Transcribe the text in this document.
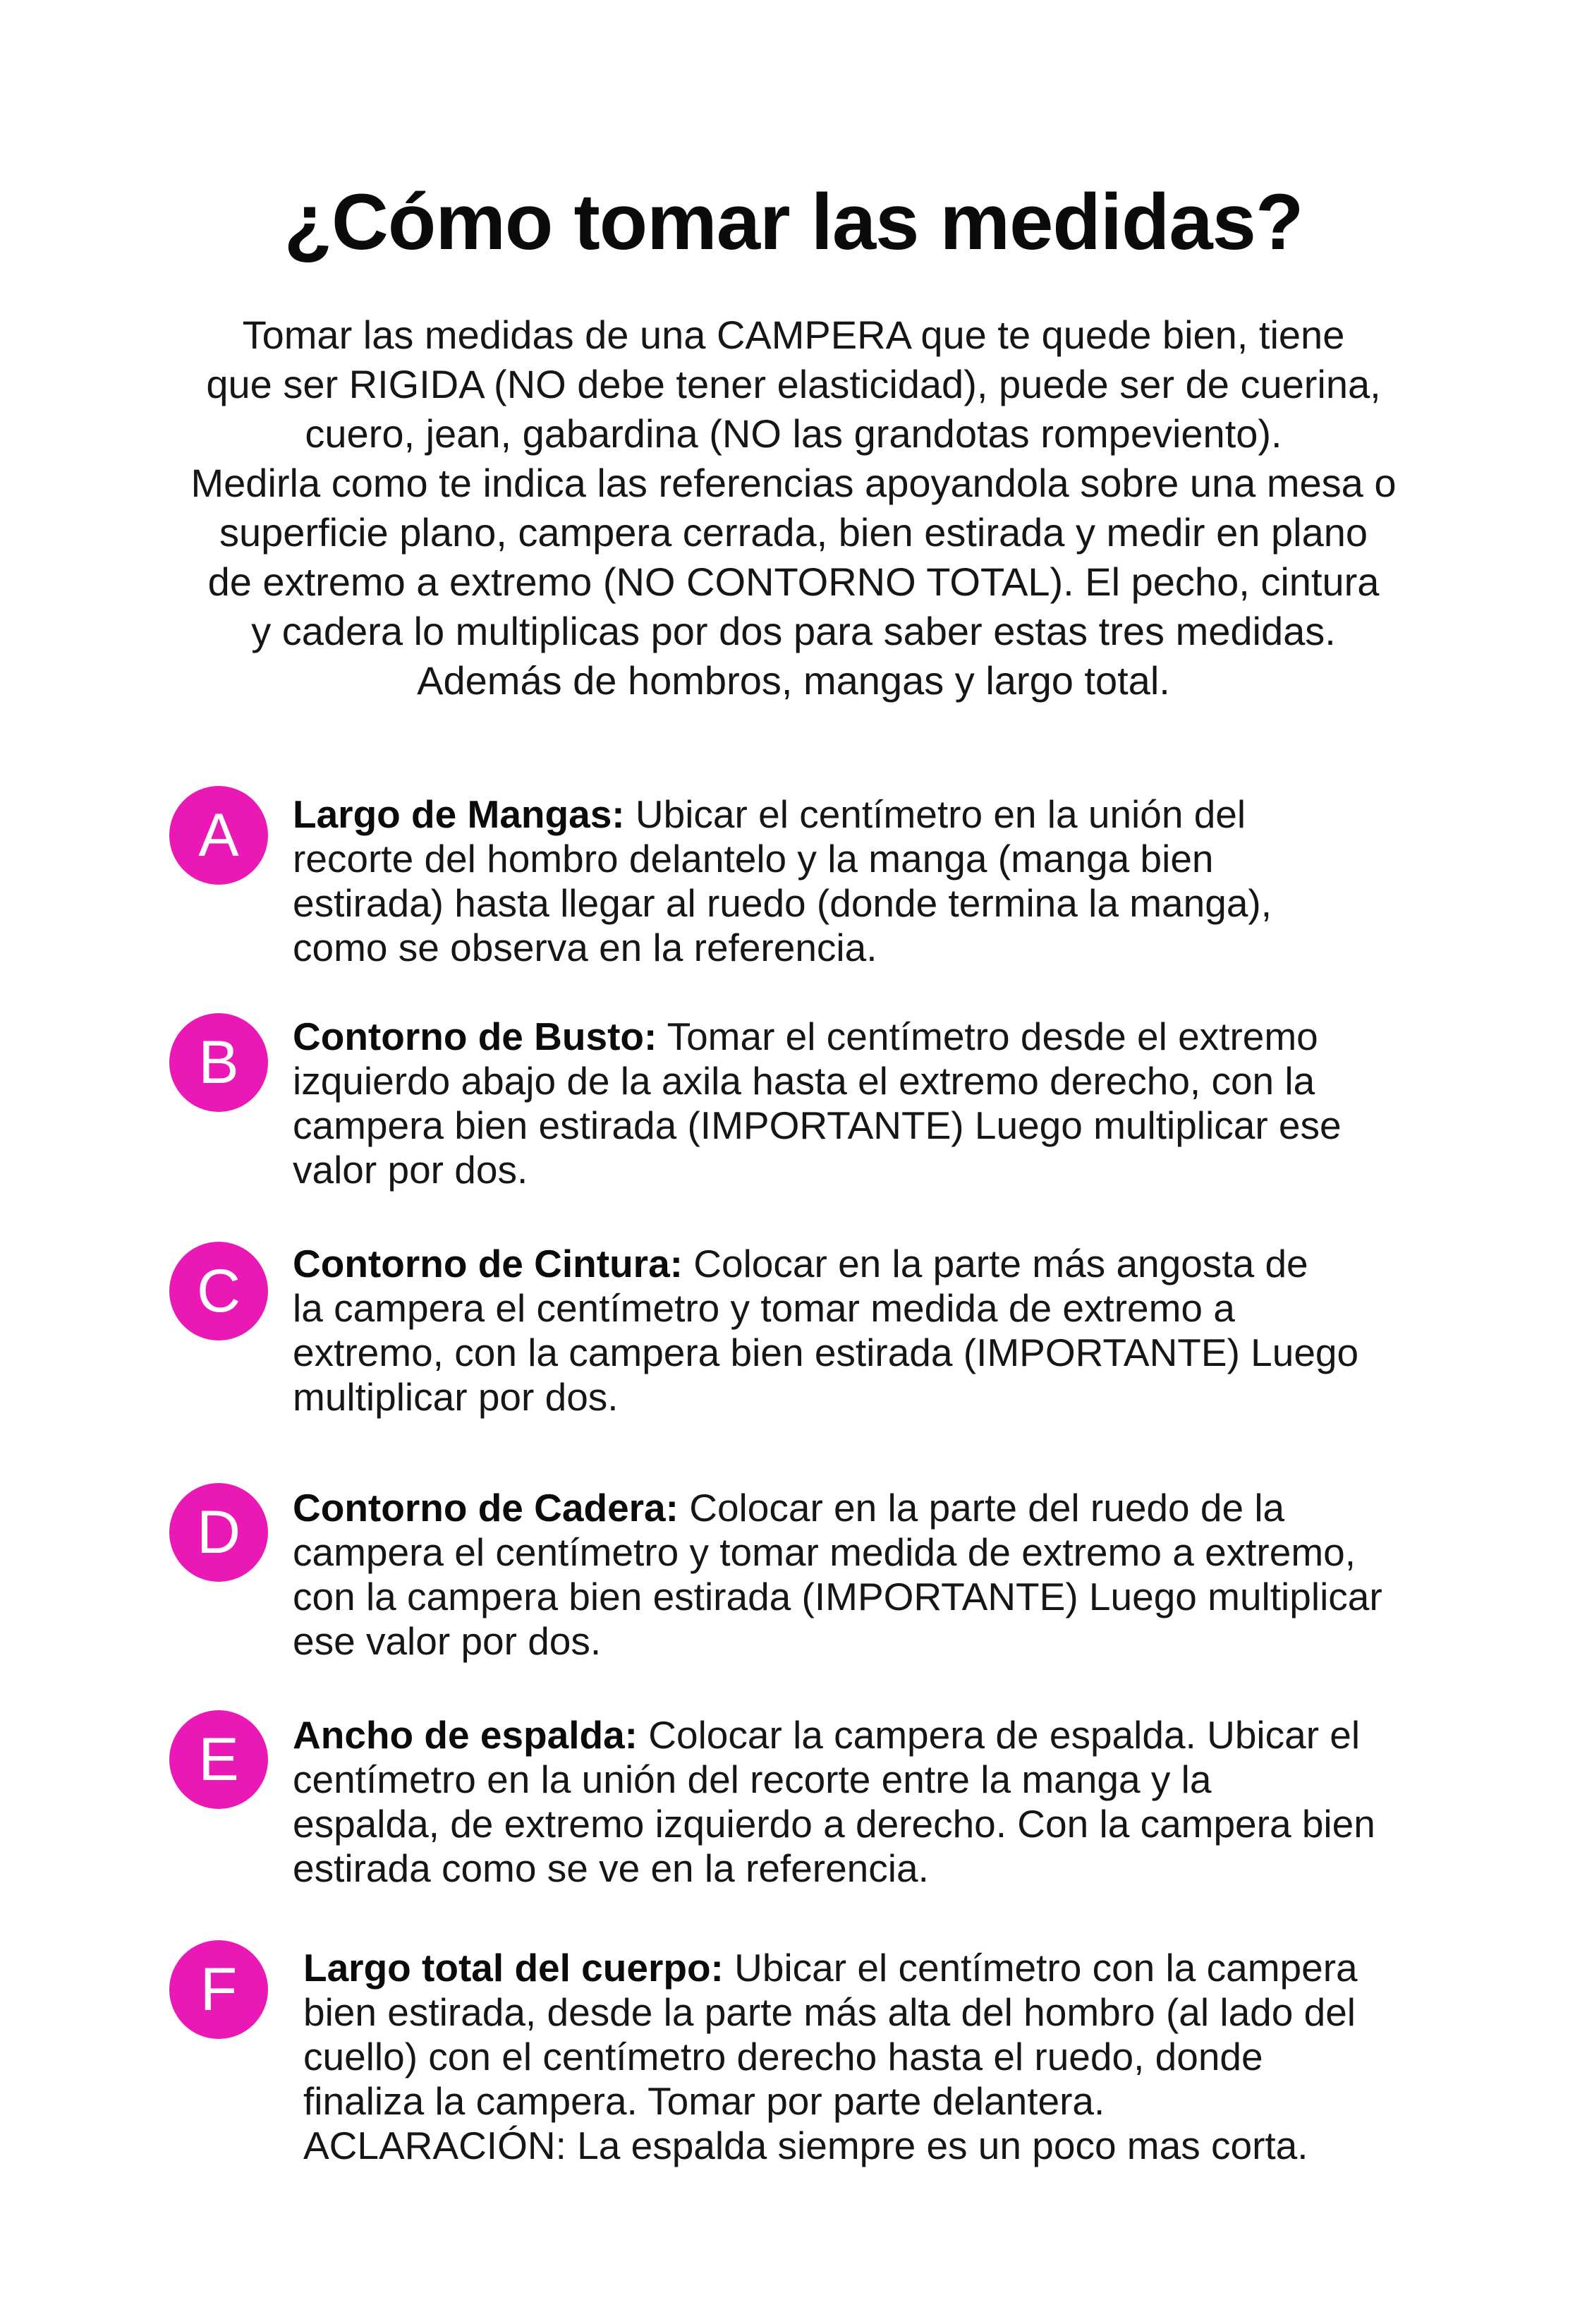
¿Cómo tomar las medidas?
Tomar las medidas de una CAMPERA que te quede bien, tiene
que ser RIGIDA (NO debe tener elasticidad), puede ser de cuerina,
cuero, jean, gabardina (NO las grandotas rompeviento).
Medirla como te indica las referencias apoyandola sobre una mesa o
superficie plano, campera cerrada, bien estirada y medir en plano
de extremo a extremo (NO CONTORNO TOTAL). El pecho, cintura
y cadera lo multiplicas por dos para saber estas tres medidas.
Además de hombros, mangas y largo total.
A	Largo de Mangas: Ubicar el centímetro en la unión del
recorte del hombro delantelo y la manga (manga bien
estirada) hasta llegar al ruedo (donde termina la manga),
como se observa en la referencia.
B	Contorno de Busto: Tomar el centímetro desde el extremo
izquierdo abajo de la axila hasta el extremo derecho, con la
campera bien estirada (IMPORTANTE) Luego multiplicar ese
valor por dos.
C	Contorno de Cintura: Colocar en la parte más angosta de
la campera el centímetro y tomar medida de extremo a
extremo, con la campera bien estirada (IMPORTANTE) Luego
multiplicar por dos.
D	Contorno de Cadera: Colocar en la parte del ruedo de la
campera el centímetro y tomar medida de extremo a extremo,
con la campera bien estirada (IMPORTANTE) Luego multiplicar
ese valor por dos.
E	Ancho de espalda: Colocar la campera de espalda. Ubicar el
centímetro en la unión del recorte entre la manga y la
espalda, de extremo izquierdo a derecho. Con la campera bien
estirada como se ve en la referencia.
F	Largo total del cuerpo: Ubicar el centímetro con la campera
bien estirada, desde la parte más alta del hombro (al lado del
cuello) con el centímetro derecho hasta el ruedo, donde
finaliza la campera. Tomar por parte delantera.
ACLARACIÓN: La espalda siempre es un poco mas corta.
